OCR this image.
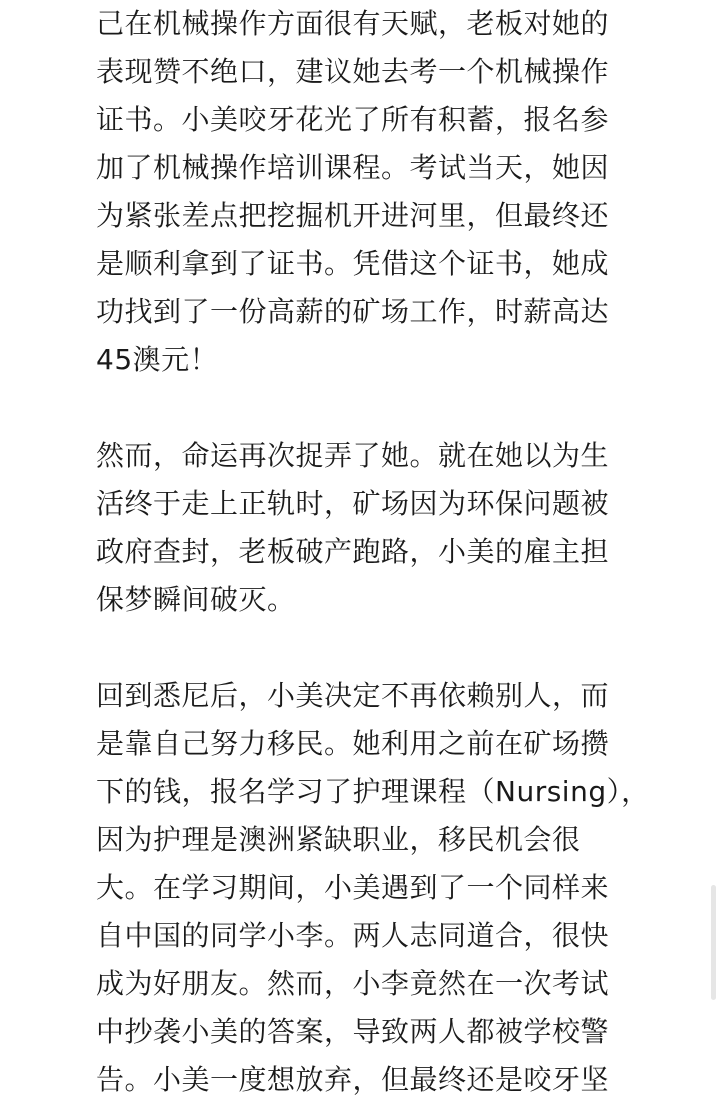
己在机械操作方面很有天赋，老板对她的
表现赞不绝口，建议她去考一个机械操作
证书。小美咬牙花光了所有积蓄，报名参
加了机械操作培训课程。考试当天，她因
为紧张差点把挖掘机开进河里，但最终还
是顺利拿到了证书。凭借这个证书，她成
功找到了一份高薪的矿场工作，时薪高达
45澳元！
然而，命运再次捉弄了她。就在她以为生
活终于走上正轨时，矿场因为环保问题被
政府查封，老板破产跑路，小美的雇主担
保梦瞬间破灭。
回到悉尼后，小美决定不再依赖别人，而
是靠自己努力移民。她利用之前在矿场攒
下的钱，报名学习了护理课程（Nursing），
因为护理是澳洲紧缺职业，移民机会很
大。在学习期间，小美遇到了一个同样来
自中国的同学小李。两人志同道合，很快
成为好朋友。然而，小李竟然在一次考试
中抄袭小美的答案，导致两人都被学校警
告。小美一度想放弃，但最终还是咬牙坚
